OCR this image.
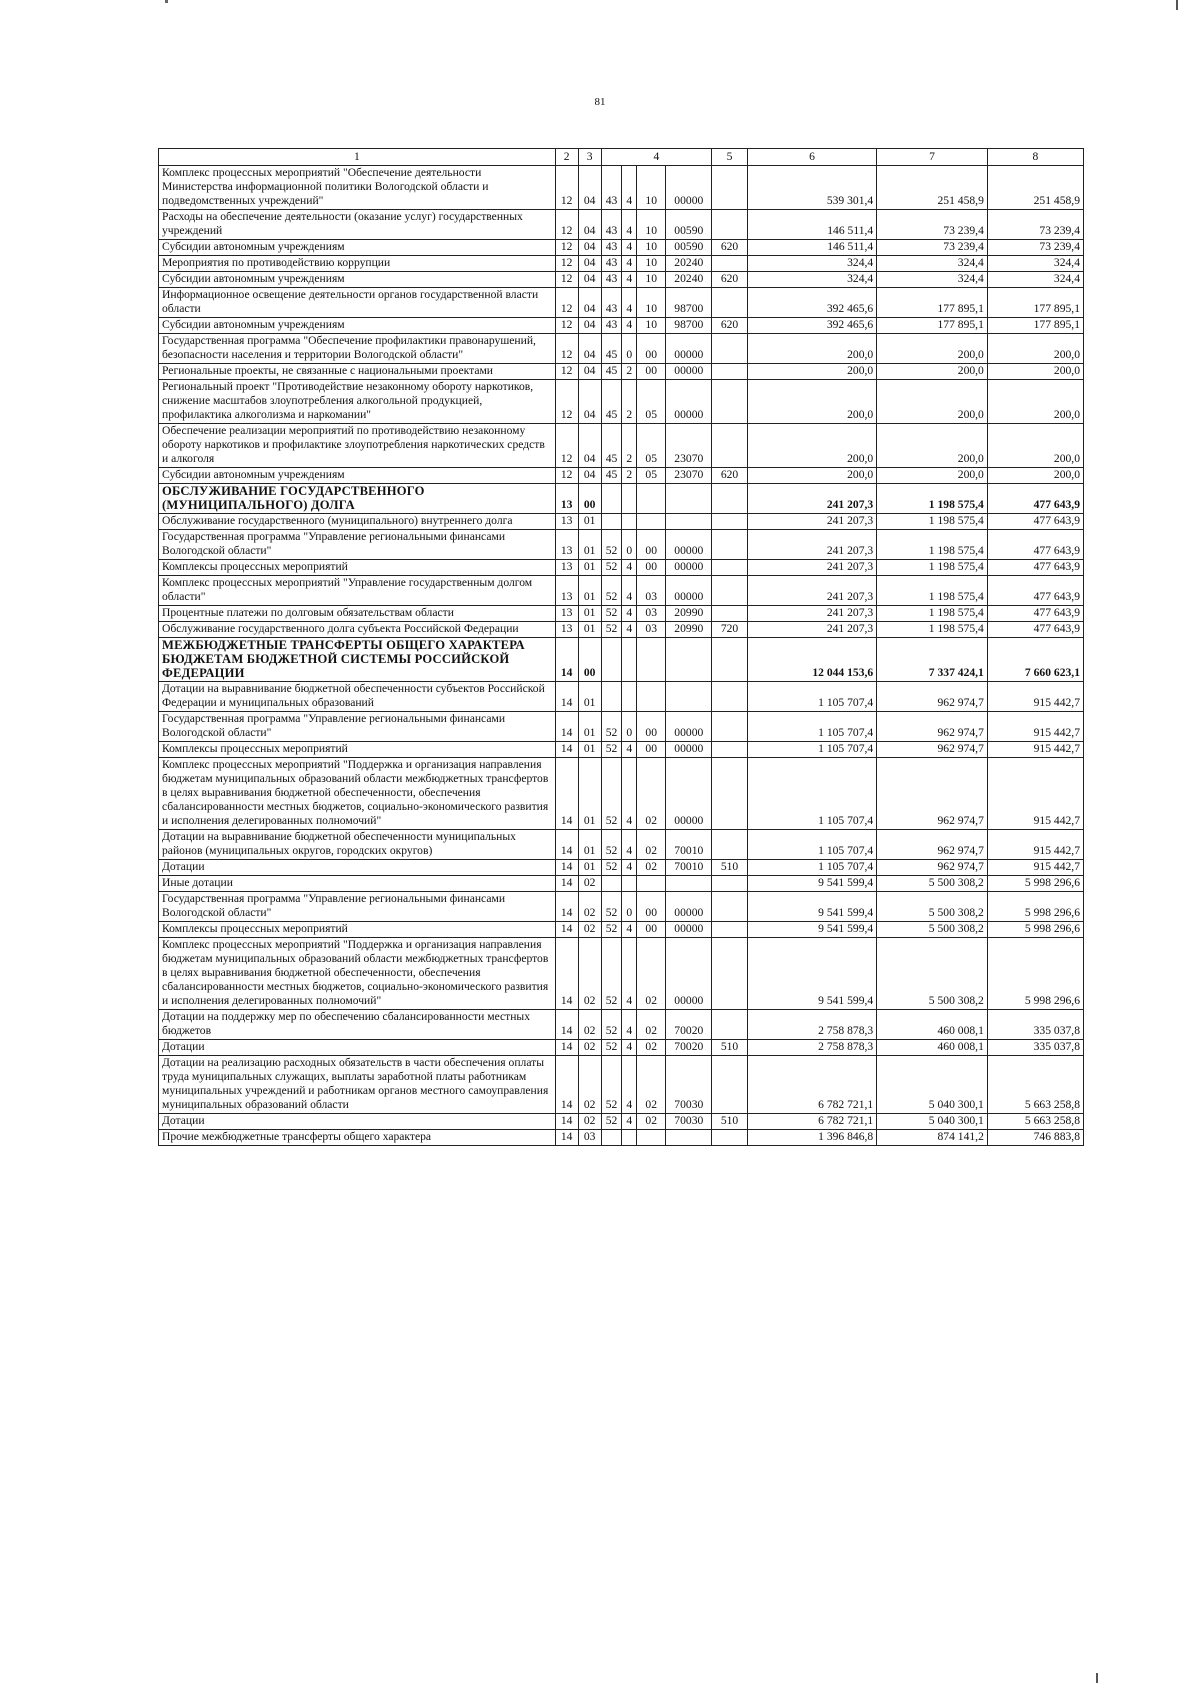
81
1	2	3	4				5	6	7	8
Комплекс процессных мероприятий "Обеспечение деятельности Министерства информационной политики Вологодской области и подведомственных учреждений"	12	04	43	4	10	00000		539 301,4	251 458,9	251 458,9
Расходы на обеспечение деятельности (оказание услуг) государственных учреждений	12	04	43	4	10	00590		146 511,4	73 239,4	73 239,4
Субсидии автономным учреждениям	12	04	43	4	10	00590	620	146 511,4	73 239,4	73 239,4
Мероприятия по противодействию коррупции	12	04	43	4	10	20240		324,4	324,4	324,4
Субсидии автономным учреждениям	12	04	43	4	10	20240	620	324,4	324,4	324,4
Информационное освещение деятельности органов государственной власти области	12	04	43	4	10	98700		392 465,6	177 895,1	177 895,1
Субсидии автономным учреждениям	12	04	43	4	10	98700	620	392 465,6	177 895,1	177 895,1
Государственная программа "Обеспечение профилактики правонарушений, безопасности населения и территории Вологодской области"	12	04	45	0	00	00000		200,0	200,0	200,0
Региональные проекты, не связанные с национальными проектами	12	04	45	2	00	00000		200,0	200,0	200,0
Региональный проект "Противодействие незаконному обороту наркотиков, снижение масштабов злоупотребления алкогольной продукцией, профилактика алкоголизма и наркомании"	12	04	45	2	05	00000		200,0	200,0	200,0
Обеспечение реализации мероприятий по противодействию незаконному обороту наркотиков и профилактике злоупотребления наркотических средств и алкоголя	12	04	45	2	05	23070		200,0	200,0	200,0
Субсидии автономным учреждениям	12	04	45	2	05	23070	620	200,0	200,0	200,0
ОБСЛУЖИВАНИЕ ГОСУДАРСТВЕННОГО (МУНИЦИПАЛЬНОГО) ДОЛГА	13	00						241 207,3	1 198 575,4	477 643,9
Обслуживание государственного (муниципального) внутреннего долга	13	01						241 207,3	1 198 575,4	477 643,9
Государственная программа "Управление региональными финансами Вологодской области"	13	01	52	0	00	00000		241 207,3	1 198 575,4	477 643,9
Комплексы процессных мероприятий	13	01	52	4	00	00000		241 207,3	1 198 575,4	477 643,9
Комплекс процессных мероприятий "Управление государственным долгом области"	13	01	52	4	03	00000		241 207,3	1 198 575,4	477 643,9
Процентные платежи по долговым обязательствам области	13	01	52	4	03	20990		241 207,3	1 198 575,4	477 643,9
Обслуживание государственного долга субъекта Российской Федерации	13	01	52	4	03	20990	720	241 207,3	1 198 575,4	477 643,9
МЕЖБЮДЖЕТНЫЕ ТРАНСФЕРТЫ ОБЩЕГО ХАРАКТЕРА БЮДЖЕТАМ БЮДЖЕТНОЙ СИСТЕМЫ РОССИЙСКОЙ ФЕДЕРАЦИИ	14	00						12 044 153,6	7 337 424,1	7 660 623,1
Дотации на выравнивание бюджетной обеспеченности субъектов Российской Федерации и муниципальных образований	14	01						1 105 707,4	962 974,7	915 442,7
Государственная программа "Управление региональными финансами Вологодской области"	14	01	52	0	00	00000		1 105 707,4	962 974,7	915 442,7
Комплексы процессных мероприятий	14	01	52	4	00	00000		1 105 707,4	962 974,7	915 442,7
Комплекс процессных мероприятий "Поддержка и организация направления бюджетам муниципальных образований области межбюджетных трансфертов в целях выравнивания бюджетной обеспеченности, обеспечения сбалансированности местных бюджетов, социально-экономического развития и исполнения делегированных полномочий"	14	01	52	4	02	00000		1 105 707,4	962 974,7	915 442,7
Дотации на выравнивание бюджетной обеспеченности муниципальных районов (муниципальных округов, городских округов)	14	01	52	4	02	70010		1 105 707,4	962 974,7	915 442,7
Дотации	14	01	52	4	02	70010	510	1 105 707,4	962 974,7	915 442,7
Иные дотации	14	02						9 541 599,4	5 500 308,2	5 998 296,6
Государственная программа "Управление региональными финансами Вологодской области"	14	02	52	0	00	00000		9 541 599,4	5 500 308,2	5 998 296,6
Комплексы процессных мероприятий	14	02	52	4	00	00000		9 541 599,4	5 500 308,2	5 998 296,6
Комплекс процессных мероприятий "Поддержка и организация направления бюджетам муниципальных образований области межбюджетных трансфертов в целях выравнивания бюджетной обеспеченности, обеспечения сбалансированности местных бюджетов, социально-экономического развития и исполнения делегированных полномочий"	14	02	52	4	02	00000		9 541 599,4	5 500 308,2	5 998 296,6
Дотации на поддержку мер по обеспечению сбалансированности местных бюджетов	14	02	52	4	02	70020		2 758 878,3	460 008,1	335 037,8
Дотации	14	02	52	4	02	70020	510	2 758 878,3	460 008,1	335 037,8
Дотации на реализацию расходных обязательств в части обеспечения оплаты труда муниципальных служащих, выплаты заработной платы работникам муниципальных учреждений и работникам органов местного самоуправления муниципальных образований области	14	02	52	4	02	70030		6 782 721,1	5 040 300,1	5 663 258,8
Дотации	14	02	52	4	02	70030	510	6 782 721,1	5 040 300,1	5 663 258,8
Прочие межбюджетные трансферты общего характера	14	03						1 396 846,8	874 141,2	746 883,8
